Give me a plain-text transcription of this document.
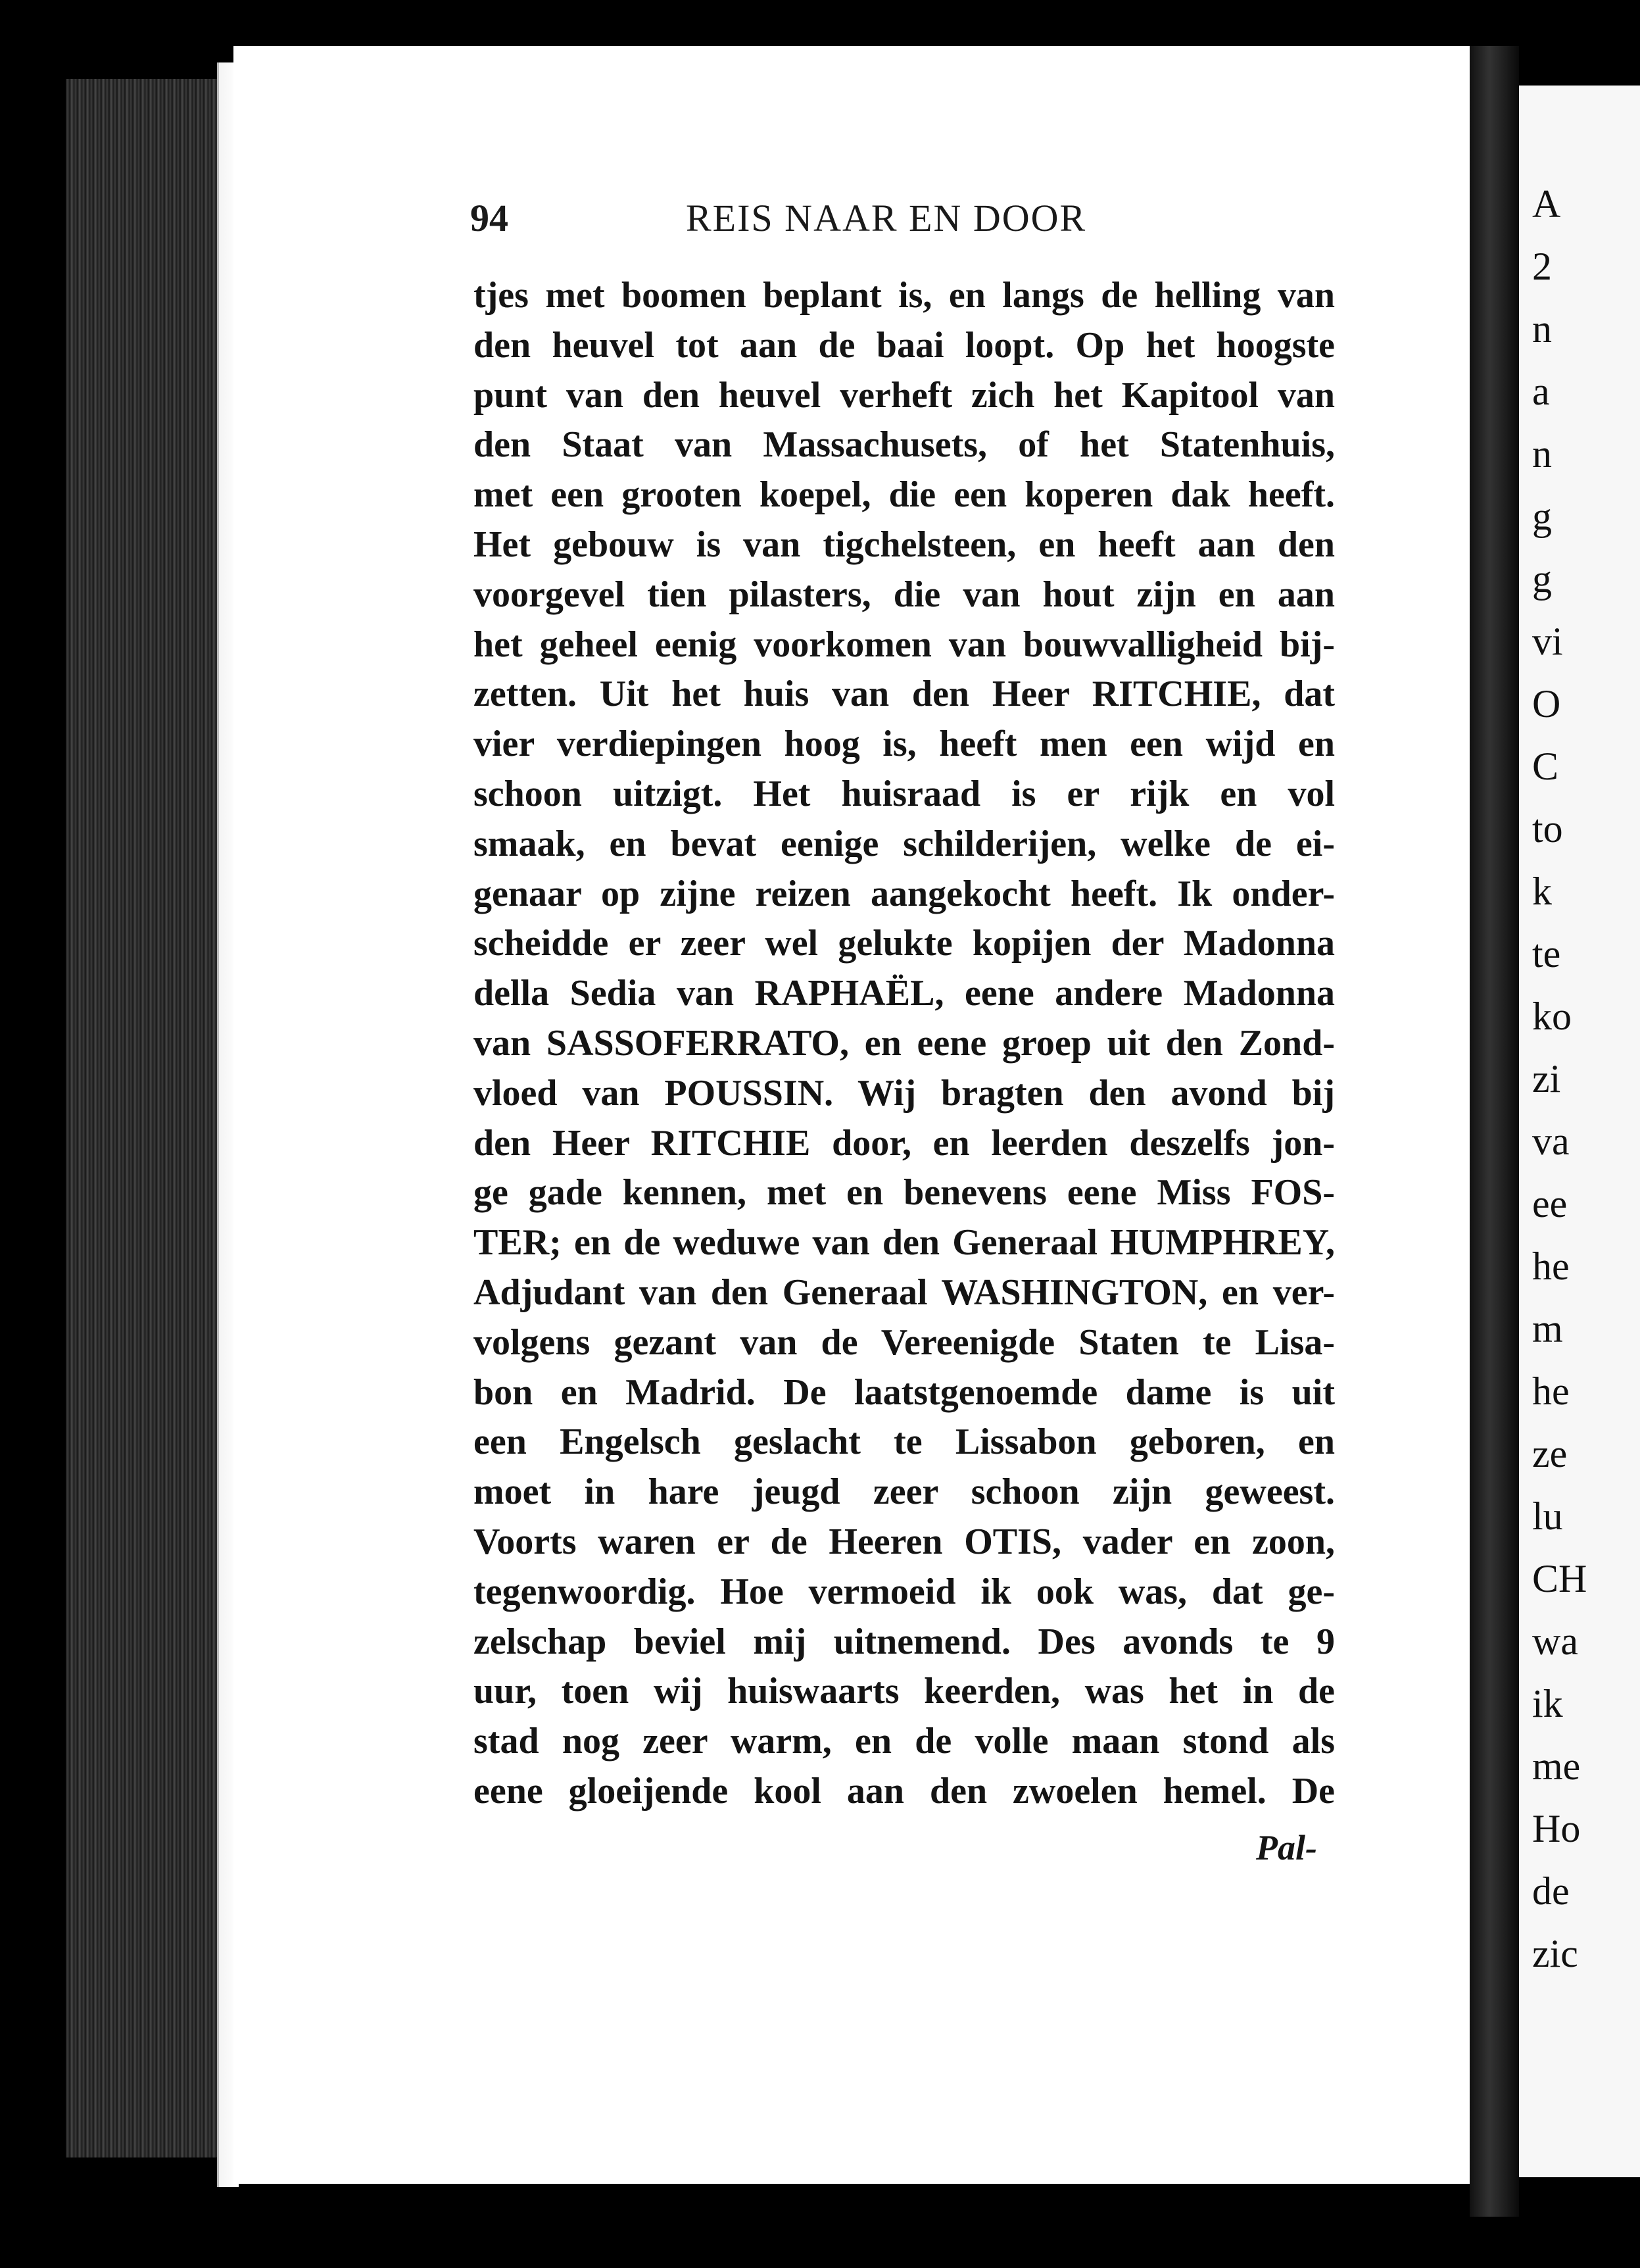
94	REIS NAAR EN DOOR
tjes met boomen beplant is, en langs de helling van
den heuvel tot aan de baai loopt. Op het hoogste
punt van den heuvel verheft zich het Kapitool van
den Staat van Massachusets, of het Statenhuis,
met een grooten koepel, die een koperen dak heeft.
Het gebouw is van tigchelsteen, en heeft aan den
voorgevel tien pilasters, die van hout zijn en aan
het geheel eenig voorkomen van bouwvalligheid bij-
zetten. Uit het huis van den Heer RITCHIE, dat
vier verdiepingen hoog is, heeft men een wijd en
schoon uitzigt. Het huisraad is er rijk en vol
smaak, en bevat eenige schilderijen, welke de ei-
genaar op zijne reizen aangekocht heeft. Ik onder-
scheidde er zeer wel gelukte kopijen der Madonna
della Sedia van RAPHAËL, eene andere Madonna
van SASSOFERRATO, en eene groep uit den Zond-
vloed van POUSSIN. Wij bragten den avond bij
den Heer RITCHIE door, en leerden deszelfs jon-
ge gade kennen, met en benevens eene Miss FOS-
TER; en de weduwe van den Generaal HUMPHREY,
Adjudant van den Generaal WASHINGTON, en ver-
volgens gezant van de Vereenigde Staten te Lisa-
bon en Madrid. De laatstgenoemde dame is uit
een Engelsch geslacht te Lissabon geboren, en
moet in hare jeugd zeer schoon zijn geweest.
Voorts waren er de Heeren OTIS, vader en zoon,
tegenwoordig. Hoe vermoeid ik ook was, dat ge-
zelschap beviel mij uitnemend. Des avonds te 9
uur, toen wij huiswaarts keerden, was het in de
stad nog zeer warm, en de volle maan stond als
eene gloeijende kool aan den zwoelen hemel. De
Pal-
A
2
n
a
n
g
g
vi
O
C
to
k
te
ko
zi
va
ee
he
m
he
ze
lu
CH
wa
ik
me
Ho
de
zic
